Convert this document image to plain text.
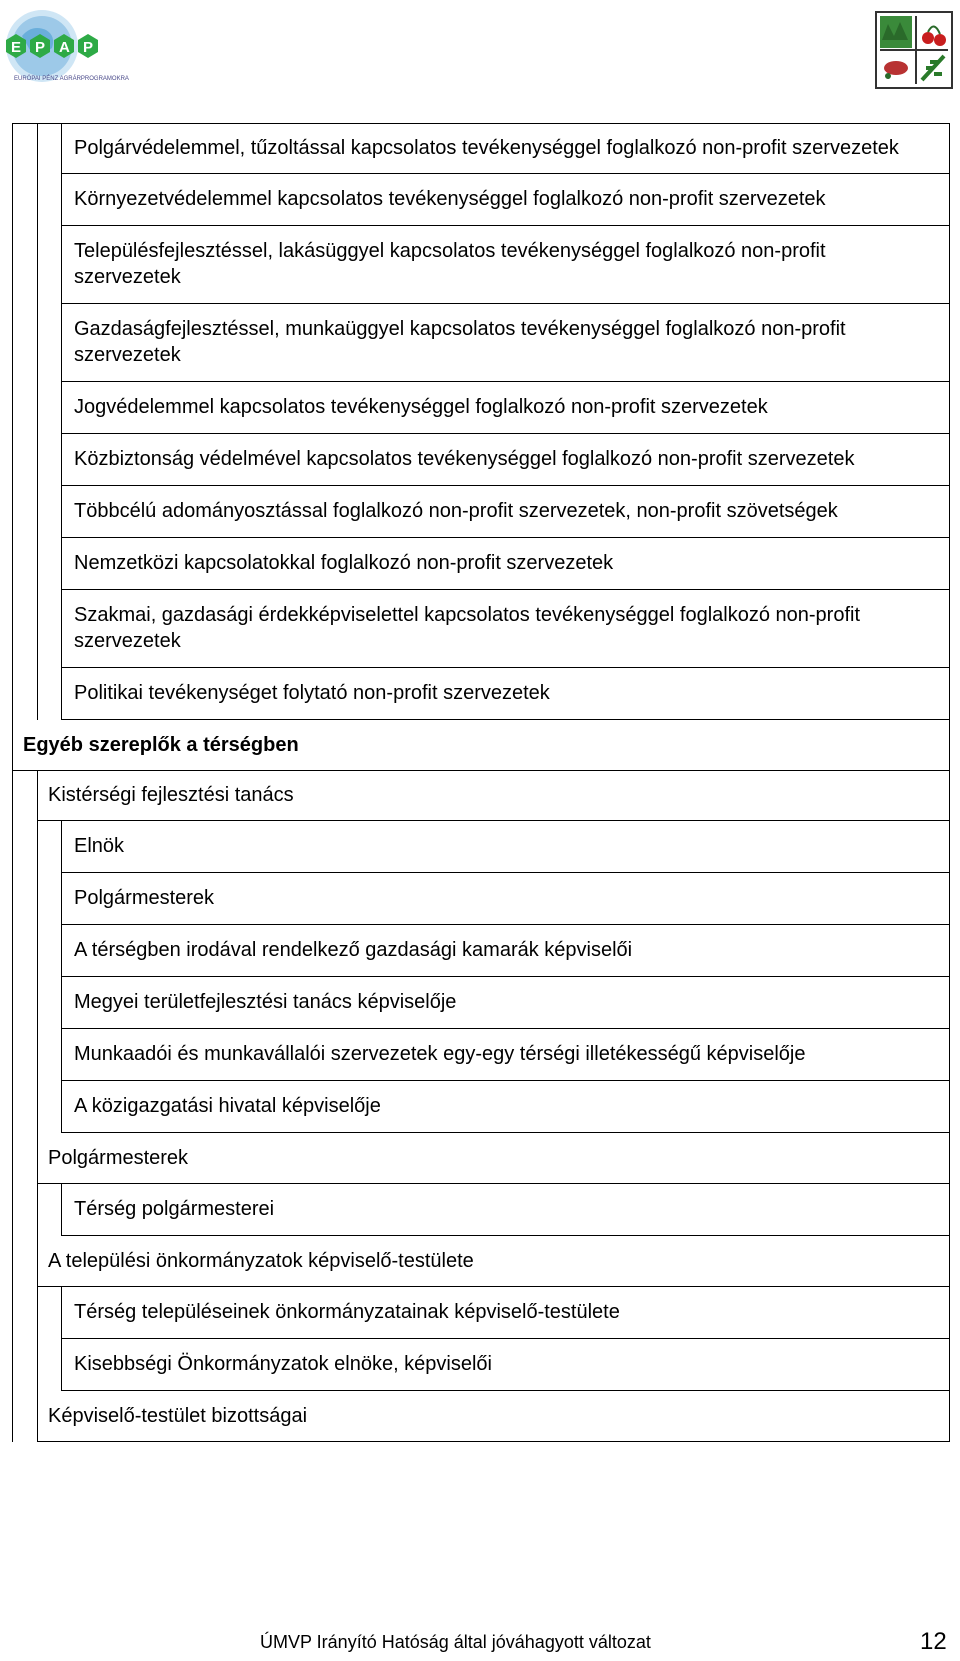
E P A P
EURÓPAI PÉNZ AGRÁRPROGRAMOKRA
Polgárvédelemmel, tűzoltással kapcsolatos tevékenységgel foglalkozó non-profit szervezetek
Környezetvédelemmel kapcsolatos tevékenységgel foglalkozó non-profit szervezetek
Településfejlesztéssel, lakásüggyel kapcsolatos tevékenységgel foglalkozó non-profit szervezetek
Gazdaságfejlesztéssel, munkaüggyel kapcsolatos tevékenységgel foglalkozó non-profit szervezetek
Jogvédelemmel kapcsolatos tevékenységgel foglalkozó non-profit szervezetek
Közbiztonság védelmével kapcsolatos tevékenységgel foglalkozó non-profit szervezetek
Többcélú adományosztással foglalkozó non-profit szervezetek, non-profit szövetségek
Nemzetközi kapcsolatokkal foglalkozó non-profit szervezetek
Szakmai, gazdasági érdekképviselettel kapcsolatos tevékenységgel foglalkozó non-profit szervezetek
Politikai tevékenységet folytató non-profit szervezetek
Egyéb szereplők a térségben
Kistérségi fejlesztési tanács
Elnök
Polgármesterek
A térségben irodával rendelkező gazdasági kamarák képviselői
Megyei területfejlesztési tanács képviselője
Munkaadói és munkavállalói szervezetek egy-egy térségi illetékességű képviselője
A közigazgatási hivatal képviselője
Polgármesterek
Térség polgármesterei
A települési önkormányzatok képviselő-testülete
Térség településeinek önkormányzatainak képviselő-testülete
Kisebbségi Önkormányzatok elnöke, képviselői
Képviselő-testület bizottságai
ÚMVP Irányító Hatóság által jóváhagyott változat	12
